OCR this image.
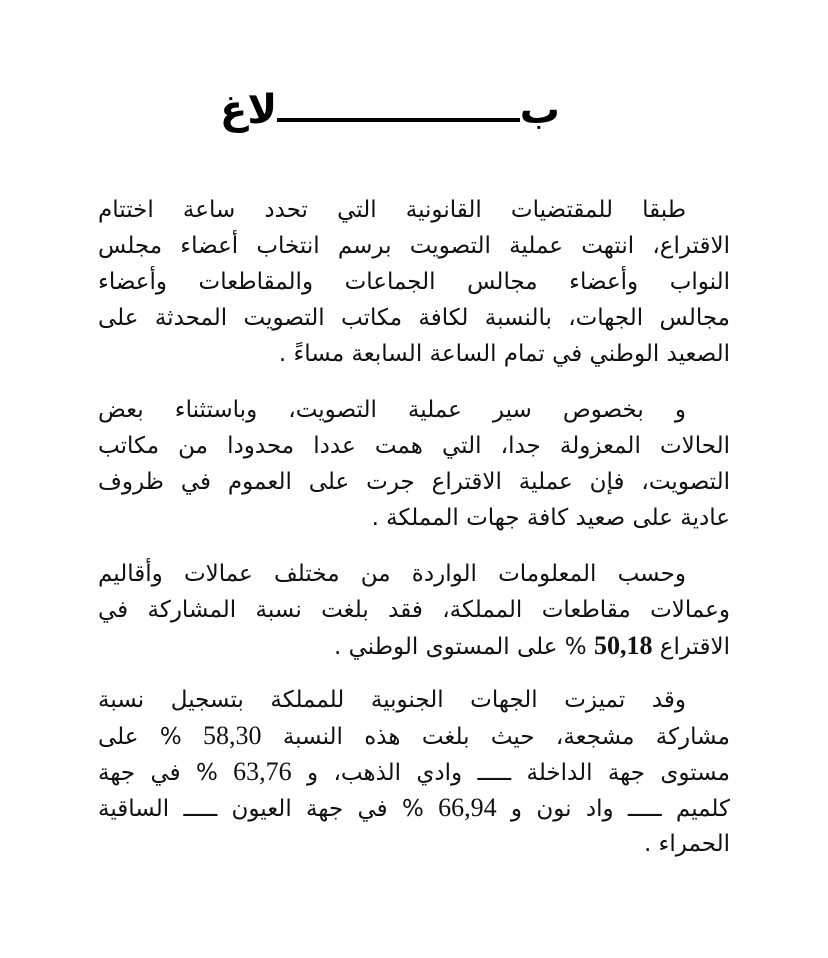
ب
لاغ
طبقا للمقتضيات القانونية التي تحدد ساعة اختتام
الاقتراع، انتهت عملية التصويت برسم انتخاب أعضاء مجلس
النواب وأعضاء مجالس الجماعات والمقاطعات وأعضاء
مجالس الجهات، بالنسبة لكافة مكاتب التصويت المحدثة على
الصعيد الوطني في تمام الساعة السابعة مساءً .
و بخصوص سير عملية التصويت، وباستثناء بعض
الحالات المعزولة جدا، التي همت عددا محدودا من مكاتب
التصويت، فإن عملية الاقتراع جرت على العموم في ظروف
عادية على صعيد كافة جهات المملكة .
وحسب المعلومات الواردة من مختلف عمالات وأقاليم
وعمالات مقاطعات المملكة، فقد بلغت نسبة المشاركة في
الاقتراع 50,18 % على المستوى الوطني .
وقد تميزت الجهات الجنوبية للمملكة بتسجيل نسبة
مشاركة مشجعة، حيث بلغت هذه النسبة 58,30 % على
مستوى جهة الداخلة ـــــ وادي الذهب، و 63,76 % في جهة
كلميم ـــــ واد نون و 66,94 % في جهة العيون ـــــ الساقية
الحمراء .
